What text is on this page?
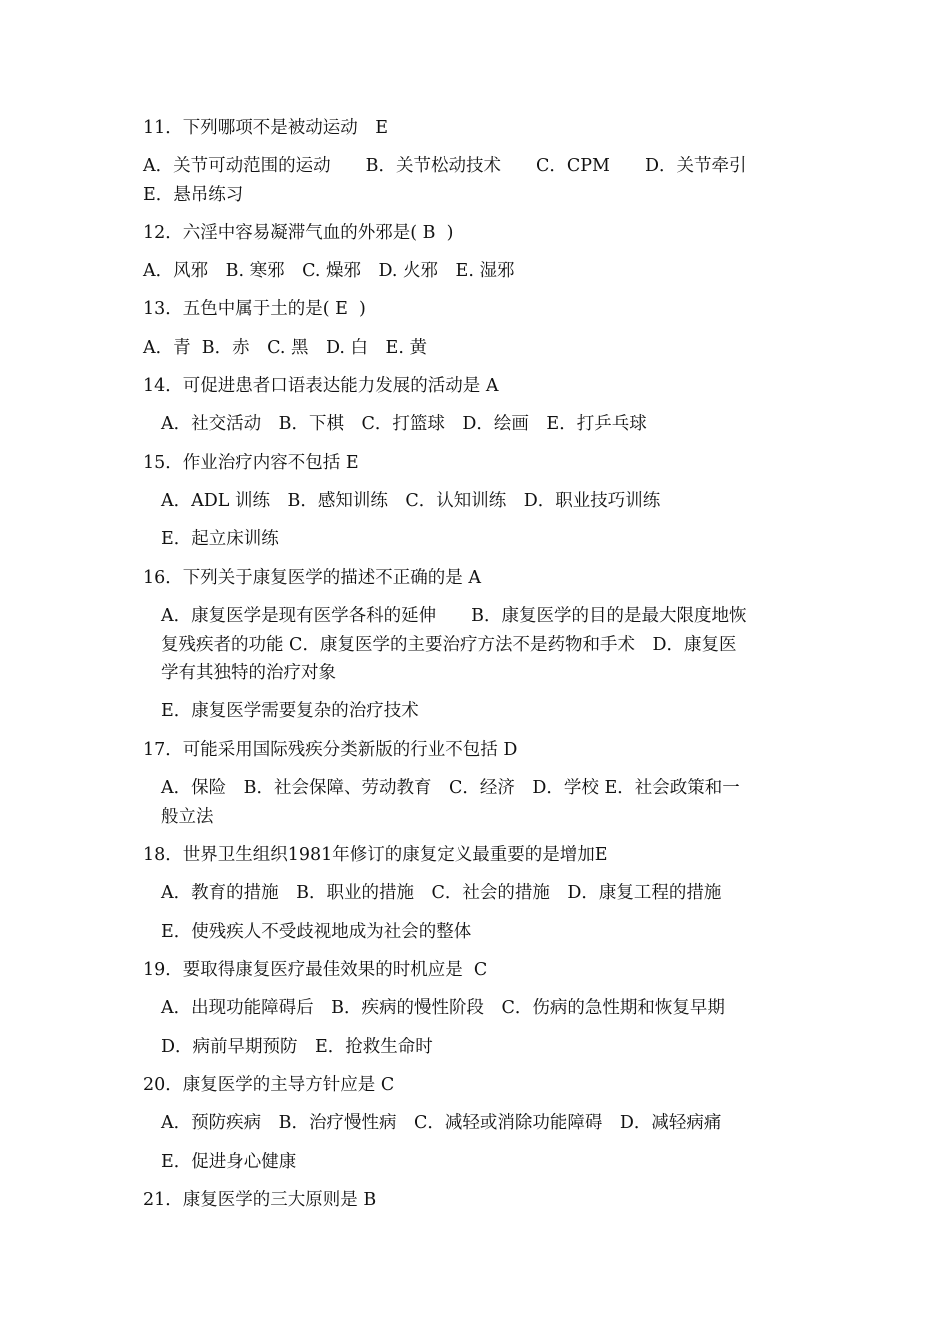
11．下列哪项不是被动运动　E
A．关节可动范围的运动　　B．关节松动技术　　C．CPM　　D．关节牵引
E．悬吊练习
12．六淫中容易凝滞气血的外邪是( B  )
A．风邪　B. 寒邪　C. 燥邪　D. 火邪　E. 湿邪
13．五色中属于土的是( E  )
A．青  B．赤　C. 黑　D. 白　E. 黄
14．可促进患者口语表达能力发展的活动是 A
A．社交活动　B．下棋　C．打篮球　D．绘画　E．打乒乓球
15．作业治疗内容不包括 E
A．ADL 训练　B．感知训练　C．认知训练　D．职业技巧训练
E．起立床训练
16．下列关于康复医学的描述不正确的是 A
A．康复医学是现有医学各科的延伸　　B．康复医学的目的是最大限度地恢
复残疾者的功能 C．康复医学的主要治疗方法不是药物和手术　D．康复医
学有其独特的治疗对象
E．康复医学需要复杂的治疗技术
17．可能采用国际残疾分类新版的行业不包括 D
A．保险　B．社会保障、劳动教育　C．经济　D．学校 E．社会政策和一
般立法
18．世界卫生组织1981年修订的康复定义最重要的是增加E
A．教育的措施　B．职业的措施　C．社会的措施　D．康复工程的措施
E．使残疾人不受歧视地成为社会的整体
19．要取得康复医疗最佳效果的时机应是  C
A．出现功能障碍后　B．疾病的慢性阶段　C．伤病的急性期和恢复早期
D．病前早期预防　E．抢救生命时
20．康复医学的主导方针应是 C
A．预防疾病　B．治疗慢性病　C．减轻或消除功能障碍　D．减轻病痛
E．促进身心健康
21．康复医学的三大原则是 B
